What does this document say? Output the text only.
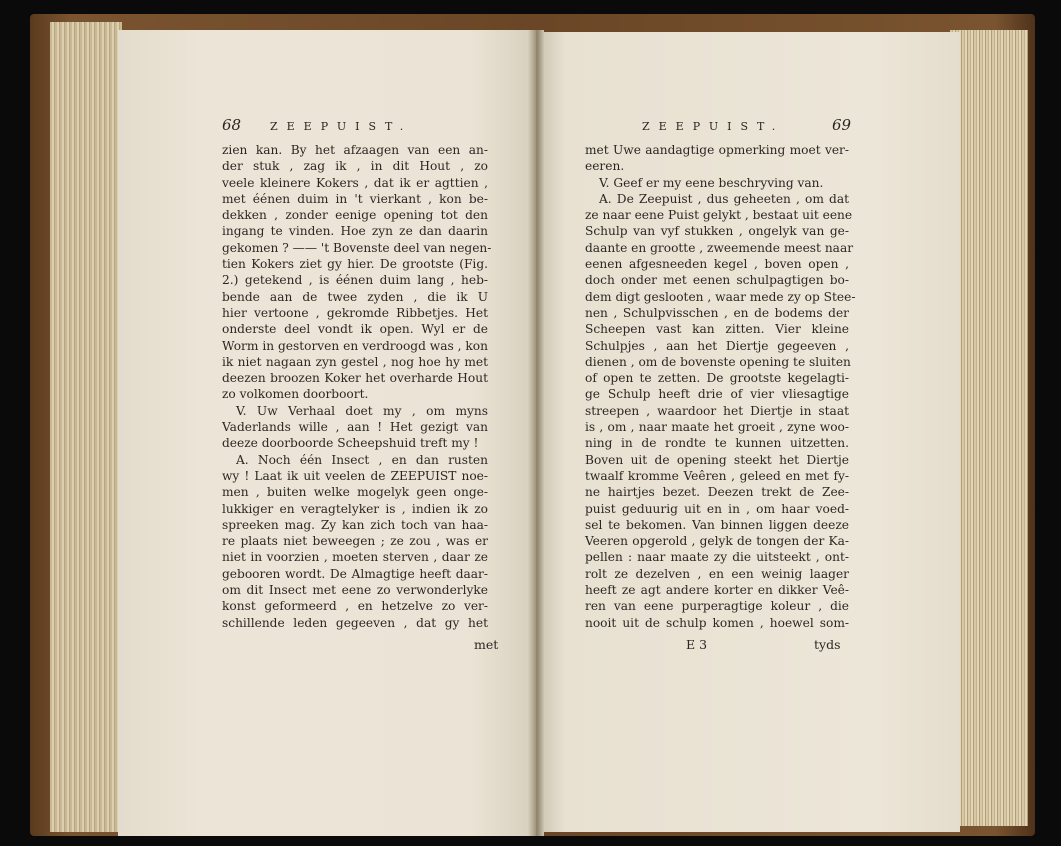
68	ZEEPUIST.	ZEEPUIST.	69
zien kan. By het afzaagen van een an-
der stuk , zag ik , in dit Hout , zo
veele kleinere Kokers , dat ik er agttien ,
met éénen duim in 't vierkant , kon be-
dekken , zonder eenige opening tot den
ingang te vinden. Hoe zyn ze dan daarin
gekomen ? —— 't Bovenste deel van negen-
tien Kokers ziet gy hier. De grootste (Fig.
2.) getekend , is éénen duim lang , heb-
bende aan de twee zyden , die ik U
hier vertoone , gekromde Ribbetjes. Het
onderste deel vondt ik open. Wyl er de
Worm in gestorven en verdroogd was , kon
ik niet nagaan zyn gestel , nog hoe hy met
deezen broozen Koker het overharde Hout
zo volkomen doorboort.
V. Uw Verhaal doet my , om myns
Vaderlands wille , aan ! Het gezigt van
deeze doorboorde Scheepshuid treft my !
A. Noch één Insect , en dan rusten
wy ! Laat ik uit veelen de ZEEPUIST noe-
men , buiten welke mogelyk geen onge-
lukkiger en veragtelyker is , indien ik zo
spreeken mag. Zy kan zich toch van haa-
re plaats niet beweegen ; ze zou , was er
niet in voorzien , moeten sterven , daar ze
gebooren wordt. De Almagtige heeft daar-
om dit Insect met eene zo verwonderlyke
konst geformeerd , en hetzelve zo ver-
schillende leden gegeeven , dat gy het
met
met Uwe aandagtige opmerking moet ver-
eeren.
V. Geef er my eene beschryving van.
A. De Zeepuist , dus geheeten , om dat
ze naar eene Puist gelykt , bestaat uit eene
Schulp van vyf stukken , ongelyk van ge-
daante en grootte , zweemende meest naar
eenen afgesneeden kegel , boven open ,
doch onder met eenen schulpagtigen bo-
dem digt geslooten , waar mede zy op Stee-
nen , Schulpvisschen , en de bodems der
Scheepen vast kan zitten. Vier kleine
Schulpjes , aan het Diertje gegeeven ,
dienen , om de bovenste opening te sluiten
of open te zetten. De grootste kegelagti-
ge Schulp heeft drie of vier vliesagtige
streepen , waardoor het Diertje in staat
is , om , naar maate het groeit , zyne woo-
ning in de rondte te kunnen uitzetten.
Boven uit de opening steekt het Diertje
twaalf kromme Veêren , geleed en met fy-
ne hairtjes bezet. Deezen trekt de Zee-
puist geduurig uit en in , om haar voed-
sel te bekomen. Van binnen liggen deeze
Veeren opgerold , gelyk de tongen der Ka-
pellen : naar maate zy die uitsteekt , ont-
rolt ze dezelven , en een weinig laager
heeft ze agt andere korter en dikker Veê-
ren van eene purperagtige koleur , die
nooit uit de schulp komen , hoewel som-
E 3	tyds
